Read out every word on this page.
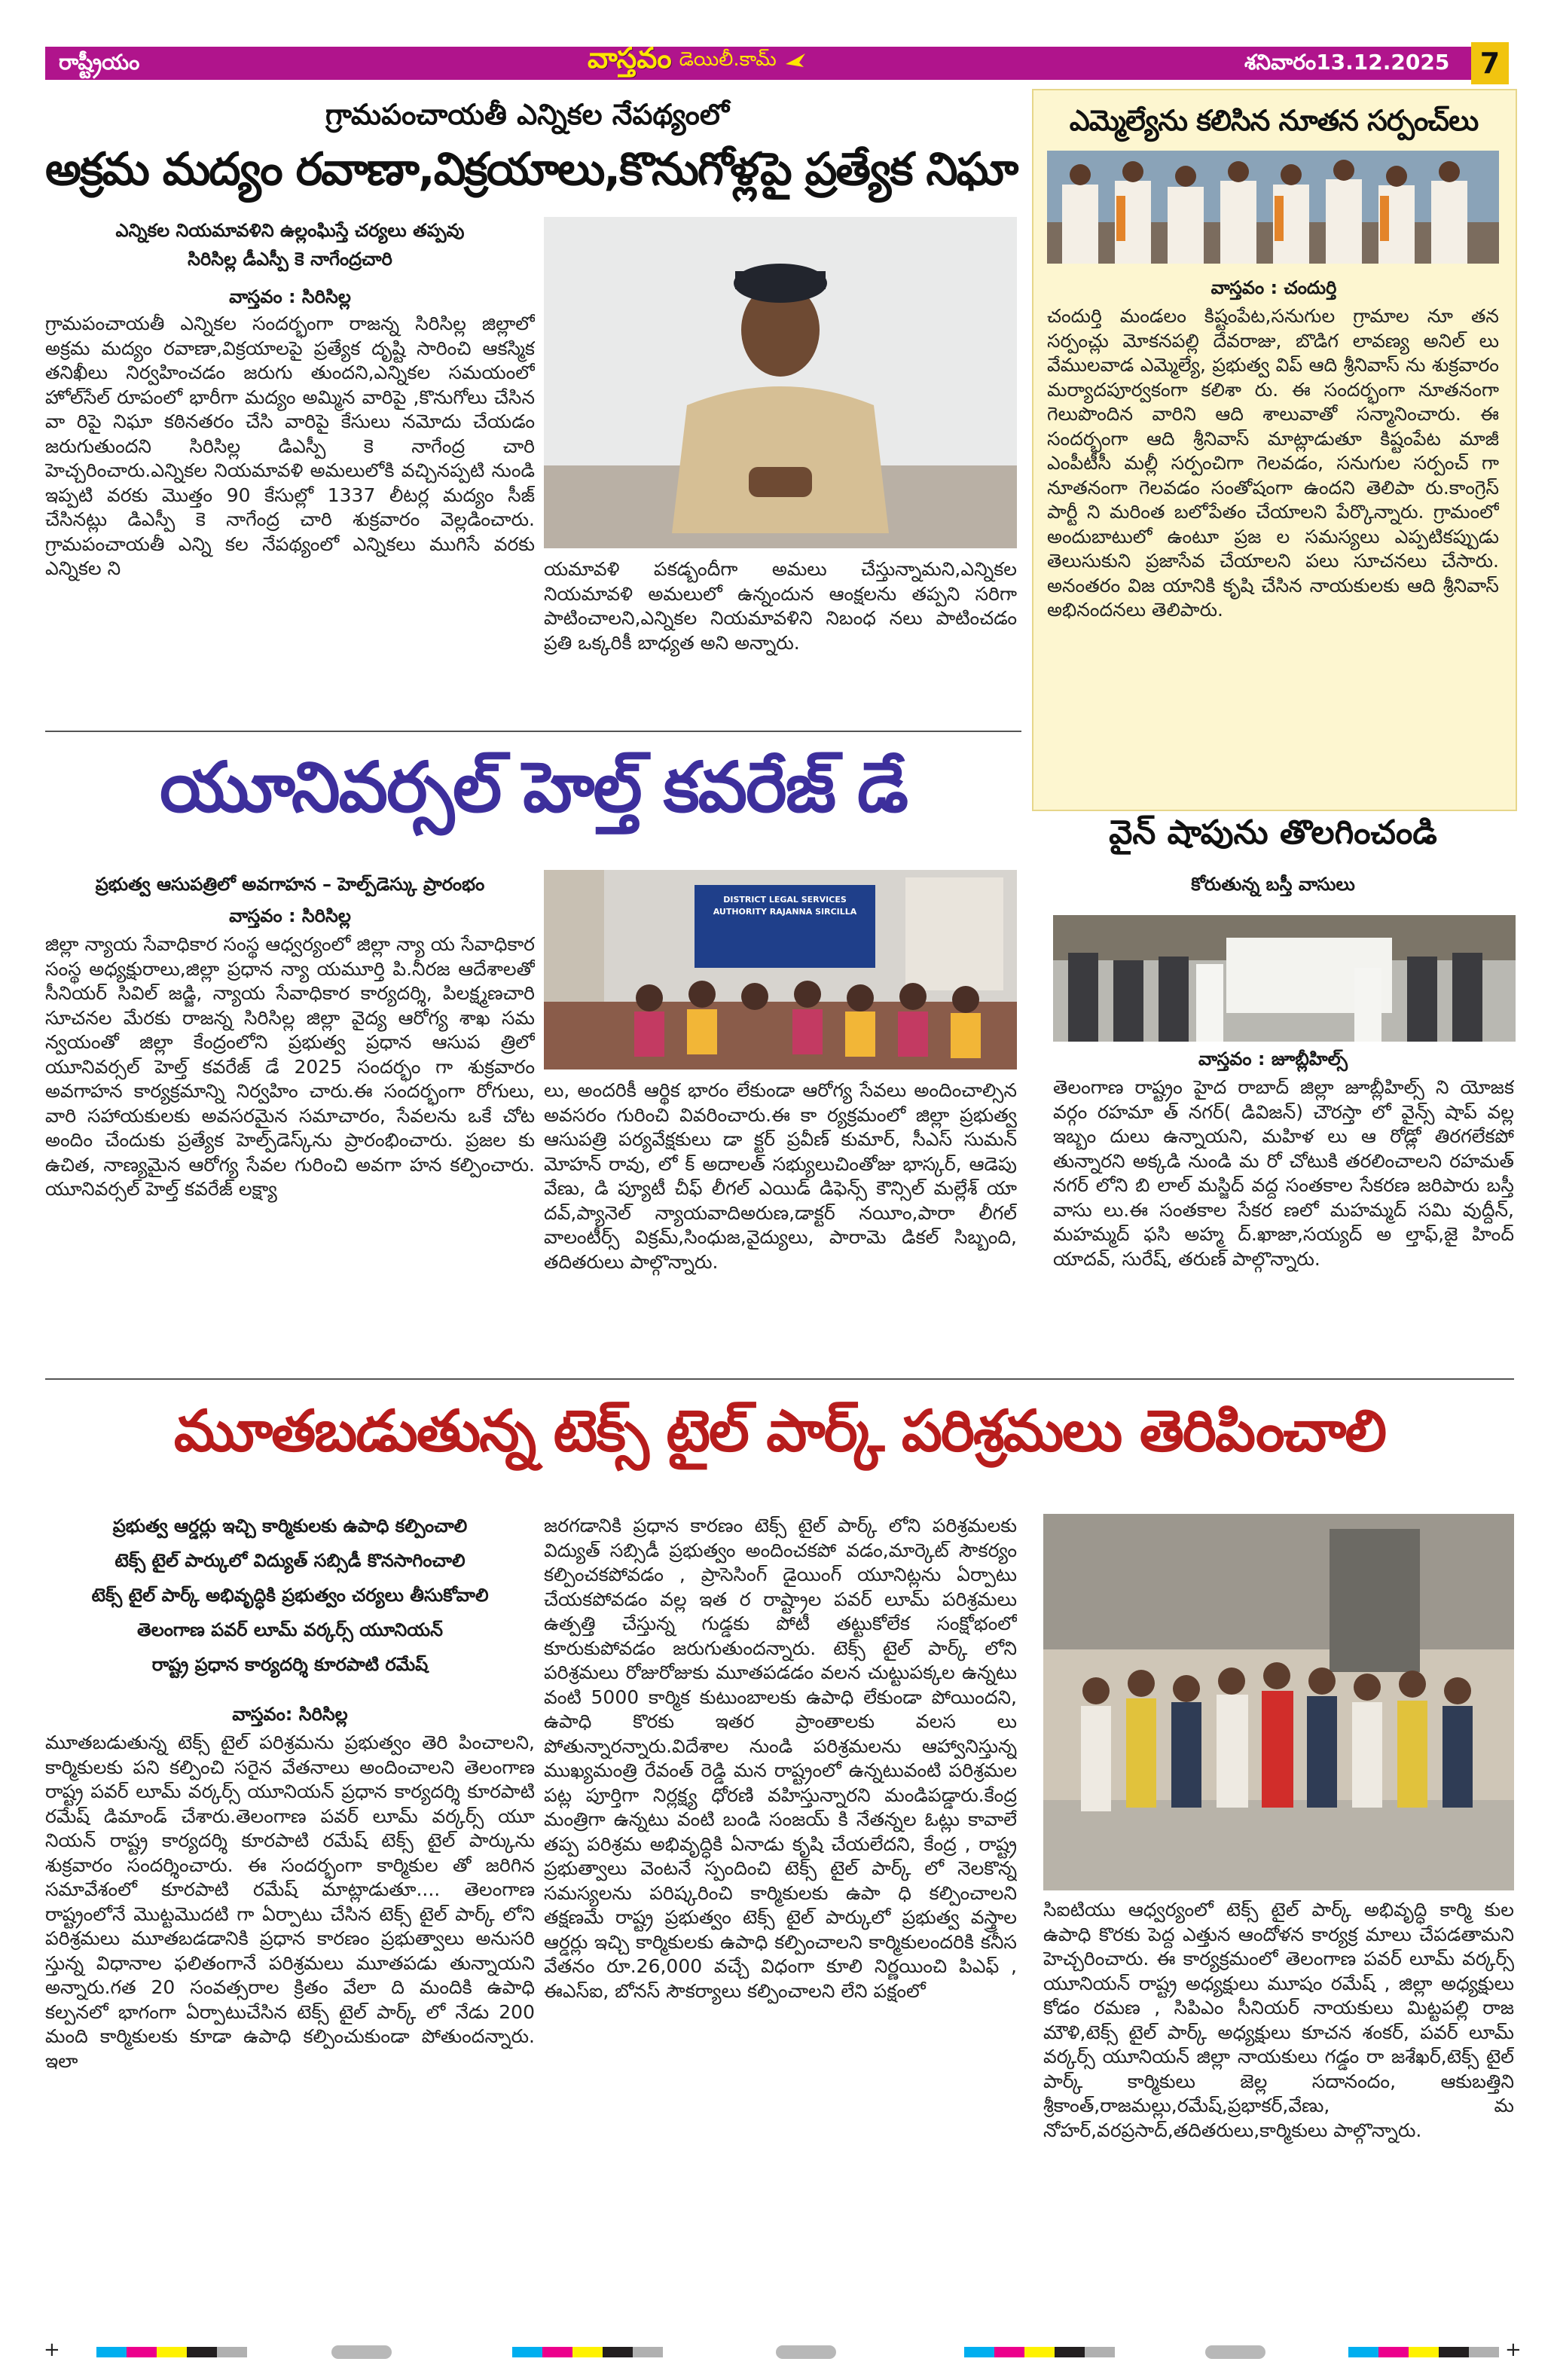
రాష్ట్రీయం	వాస్తవం డెయిలీ.కామ్	శనివారం13.12.2025 7
గ్రామపంచాయతీ ఎన్నికల నేపథ్యంలో
అక్రమ మద్యం రవాణా,విక్రయాలు,కొనుగోళ్లపై ప్రత్యేక నిఘా
ఎన్నికల నియమావళిని ఉల్లంఘిస్తే చర్యలు తప్పవు
సిరిసిల్ల డీఎస్పీ కె నాగేంద్రచారి
వాస్తవం : సిరిసిల్ల
గ్రామపంచాయతీ ఎన్నికల సందర్భంగా రాజన్న సిరిసిల్ల జిల్లాలో అక్రమ మద్యం రవాణా,విక్రయాలపై ప్రత్యేక దృష్టి సారించి ఆకస్మిక తనిఖీలు నిర్వహించడం జరుగు తుందని,ఎన్నికల సమయంలో హోల్‌సేల్ రూపంలో భారీగా మద్యం అమ్మిన వారిపై ,కొనుగోలు చేసిన వా రిపై నిఘా కఠినతరం చేసి వారిపై కేసులు నమోదు చేయడం జరుగుతుందని సిరిసిల్ల డిఎస్పీ కె నాగేంద్ర చారి హెచ్చరించారు.ఎన్నికల నియమావళి అమలులోకి వచ్చినప్పటి నుండి ఇప్పటి వరకు మొత్తం 90 కేసుల్లో 1337 లీటర్ల మద్యం సీజ్ చేసినట్లు డిఎస్పీ కె నాగేంద్ర చారి శుక్రవారం వెల్లడించారు. గ్రామపంచాయతీ ఎన్ని కల నేపథ్యంలో ఎన్నికలు ముగిసే వరకు ఎన్నికల ని	యమావళి పకడ్బందీగా అమలు చేస్తున్నామని,ఎన్నికల నియమావళి అమలులో ఉన్నందున ఆంక్షలను తప్పని సరిగా పాటించాలని,ఎన్నికల నియమావళిని నిబంధ నలు పాటించడం ప్రతి ఒక్కరికీ బాధ్యత అని అన్నారు.
ఎమ్మెల్యేను కలిసిన నూతన సర్పంచ్‌లు
వాస్తవం : చందుర్తి
చందుర్తి మండలం కిష్టంపేట,సనుగుల గ్రామాల నూ తన సర్పంచ్లు మోకనపల్లి దేవరాజు, బొడిగ లావణ్య అనిల్ లు వేములవాడ ఎమ్మెల్యే, ప్రభుత్వ విప్ ఆది శ్రీనివాస్ ను శుక్రవారం మర్యాదపూర్వకంగా కలిశా రు. ఈ సందర్భంగా నూతనంగా గెలుపొందిన వారిని ఆది శాలువాతో సన్మానించారు. ఈ సందర్భంగా ఆది శ్రీనివాస్ మాట్లాడుతూ కిష్టంపేట మాజీ ఎంపీటీసీ మల్లీ సర్పంచిగా గెలవడం, సనుగుల సర్పంచ్ గా నూతనంగా గెలవడం సంతోషంగా ఉందని తెలిపా రు.కాంగ్రెస్ పార్టీ ని మరింత బలోపేతం చేయాలని పేర్కొన్నారు. గ్రామంలో అందుబాటులో ఉంటూ ప్రజ ల సమస్యలు ఎప్పటికప్పుడు తెలుసుకుని ప్రజాసేవ చేయాలని పలు సూచనలు చేసారు. అనంతరం విజ యానికి కృషి చేసిన నాయకులకు ఆది శ్రీనివాస్ అభినందనలు తెలిపారు.
యూనివర్సల్ హెల్త్ కవరేజ్ డే
ప్రభుత్వ ఆసుపత్రిలో అవగాహన – హెల్ప్‌డెస్కు ప్రారంభం
వాస్తవం : సిరిసిల్ల
జిల్లా న్యాయ సేవాధికార సంస్థ ఆధ్వర్యంలో జిల్లా న్యా య సేవాధికార సంస్థ అధ్యక్షురాలు,జిల్లా ప్రధాన న్యా యమూర్తి పి.నీరజ ఆదేశాలతో సీనియర్ సివిల్ జడ్జి, న్యాయ సేవాధికార కార్యదర్శి, పిలక్ష్మణచారి సూచనల మేరకు రాజన్న సిరిసిల్ల జిల్లా వైద్య ఆరోగ్య శాఖ సమ న్వయంతో జిల్లా కేంద్రంలోని ప్రభుత్వ ప్రధాన ఆసుప త్రిలో యూనివర్సల్ హెల్త్ కవరేజ్ డే 2025 సందర్భం గా శుక్రవారం అవగాహన కార్యక్రమాన్ని నిర్వహిం చారు.ఈ సందర్భంగా రోగులు, వారి సహాయకులకు అవసరమైన సమాచారం, సేవలను ఒకే చోట అందిం చేందుకు ప్రత్యేక హెల్ప్‌డెస్క్‌ను ప్రారంభించారు. ప్రజల కు ఉచిత, నాణ్యమైన ఆరోగ్య సేవల గురించి అవగా హన కల్పించారు. యూనివర్సల్ హెల్త్ కవరేజ్ లక్ష్యా
DISTRICT LEGAL SERVICES AUTHORITY RAJANNA SIRCILLA
లు, అందరికీ ఆర్థిక భారం లేకుండా ఆరోగ్య సేవలు అందించాల్సిన అవసరం గురించి వివరించారు.ఈ కా ర్యక్రమంలో జిల్లా ప్రభుత్వ ఆసుపత్రి పర్యవేక్షకులు డా క్టర్ ప్రవీణ్ కుమార్, సీఎస్ సుమన్ మోహన్ రావు, లో క్ అదాలత్ సభ్యులుచింతోజు భాస్కర్, ఆడెపు వేణు, డి ప్యూటీ చీఫ్ లీగల్ ఎయిడ్ డిఫెన్స్ కౌన్సిల్ మల్లేశ్ యా దవ్,ప్యానెల్ న్యాయవాదిఅరుణ,డాక్టర్ నయీం,పారా లీగల్ వాలంటీర్స్ విక్రమ్,సింధుజ,వైద్యులు, పారామె డికల్ సిబ్బంది, తదితరులు పాల్గొన్నారు.
వైన్ షాపును తొలగించండి
కోరుతున్న బస్తీ వాసులు
వాస్తవం : జూబ్లీహిల్స్
తెలంగాణ రాష్ట్రం హైద రాబాద్ జిల్లా జూబ్లీహిల్స్ ని యోజక వర్గం రహమా త్ నగర్( డివిజన్) చౌరస్తా లో వైన్స్ షాప్ వల్ల ఇబ్బం దులు ఉన్నాయని, మహిళ లు ఆ రోడ్లో తిరగలేకపో తున్నారని అక్కడి నుండి మ రో చోటుకి తరలించాలని రహమత్ నగర్ లోని బి లాల్ మస్జిద్ వద్ద సంతకాల సేకరణ జరిపారు బస్తీ వాసు లు.ఈ సంతకాల సేకర ణలో మహమ్మద్ సమి వుద్దీన్, మహమ్మద్ ఫసి అహ్మ ద్.ఖాజా,సయ్యద్ అ ల్తాఫ్,జై హింద్ యాదవ్, సురేష్, తరుణ్ పాల్గొన్నారు.
మూతబడుతున్న టెక్స్ టైల్ పార్క్ పరిశ్రమలు తెరిపించాలి
ప్రభుత్వ ఆర్డర్లు ఇచ్చి కార్మికులకు ఉపాధి కల్పించాలి
టెక్స్ టైల్ పార్కులో విద్యుత్ సబ్సిడీ కొనసాగించాలి
టెక్స్ టైల్ పార్క్ అభివృద్ధికి ప్రభుత్వం చర్యలు తీసుకోవాలి
తెలంగాణ పవర్ లూమ్ వర్కర్స్ యూనియన్
రాష్ట్ర ప్రధాన కార్యదర్శి కూరపాటి రమేష్
వాస్తవం: సిరిసిల్ల
మూతబడుతున్న టెక్స్ టైల్ పరిశ్రమను ప్రభుత్వం తెరి పించాలని, కార్మికులకు పని కల్పించి సరైన వేతనాలు అందించాలని తెలంగాణ రాష్ట్ర పవర్ లూమ్ వర్కర్స్ యూనియన్ ప్రధాన కార్యదర్శి కూరపాటి రమేష్ డిమాండ్ చేశారు.తెలంగాణ పవర్ లూమ్ వర్కర్స్ యూ నియన్ రాష్ట్ర కార్యదర్శి కూరపాటి రమేష్ టెక్స్ టైల్ పార్కును శుక్రవారం సందర్శించారు. ఈ సందర్భంగా కార్మికుల తో జరిగిన సమావేశంలో కూరపాటి రమేష్ మాట్లాడుతూ.... తెలంగాణ రాష్ట్రంలోనే మొట్టమొదటి గా ఏర్పాటు చేసిన టెక్స్ టైల్ పార్క్ లోని పరిశ్రమలు మూతబడడానికి ప్రధాన కారణం ప్రభుత్వాలు అనుసరి స్తున్న విధానాల ఫలితంగానే పరిశ్రమలు మూతపడు తున్నాయని అన్నారు.గత 20 సంవత్సరాల క్రితం వేలా ది మందికి ఉపాధి కల్పనలో భాగంగా ఏర్పాటుచేసిన టెక్స్ టైల్ పార్క్ లో నేడు 200 మంది కార్మికులకు కూడా ఉపాధి కల్పించుకుండా పోతుందన్నారు. ఇలా
జరగడానికి ప్రధాన కారణం టెక్స్ టైల్ పార్క్ లోని పరిశ్రమలకు విద్యుత్ సబ్సిడీ ప్రభుత్వం అందించకపో వడం,మార్కెట్ సౌకర్యం కల్పించకపోవడం , ప్రాసెసింగ్ డైయింగ్ యూనిట్లను ఏర్పాటు చేయకపోవడం వల్ల ఇత ర రాష్ట్రాల పవర్ లూమ్ పరిశ్రమలు ఉత్పత్తి చేస్తున్న గుడ్డకు పోటీ తట్టుకోలేక సంక్షోభంలో కూరుకుపోవడం జరుగుతుందన్నారు. టెక్స్ టైల్ పార్క్ లోని పరిశ్రమలు రోజురోజుకు మూతపడడం వలన చుట్టుపక్కల ఉన్నటు వంటి 5000 కార్మిక కుటుంబాలకు ఉపాధి లేకుండా పోయిందని, ఉపాధి కొరకు ఇతర ప్రాంతాలకు వలస లు పోతున్నారన్నారు.విదేశాల నుండి పరిశ్రమలను ఆహ్వానిస్తున్న ముఖ్యమంత్రి రేవంత్ రెడ్డి మన రాష్ట్రంలో ఉన్నటువంటి పరిశ్రమల పట్ల పూర్తిగా నిర్లక్ష్య ధోరణి వహిస్తున్నారని మండిపడ్డారు.కేంద్ర మంత్రిగా ఉన్నటు వంటి బండి సంజయ్ కి నేతన్నల ఓట్లు కావాలే తప్ప పరిశ్రమ అభివృద్ధికి ఏనాడు కృషి చేయలేదని, కేంద్ర , రాష్ట్ర ప్రభుత్వాలు వెంటనే స్పందించి టెక్స్ టైల్ పార్క్ లో నెలకొన్న సమస్యలను పరిష్కరించి కార్మికులకు ఉపా ధి కల్పించాలని తక్షణమే రాష్ట్ర ప్రభుత్వం టెక్స్ టైల్ పార్కులో ప్రభుత్వ వస్త్రాల ఆర్డర్లు ఇచ్చి కార్మికులకు ఉపాధి కల్పించాలని కార్మికులందరికి కనీస వేతనం రూ.26,000 వచ్చే విధంగా కూలి నిర్ణయించి పిఎఫ్ , ఈఎస్ఐ, బోనస్ సౌకర్యాలు కల్పించాలని లేని పక్షంలో
సిఐటియు ఆధ్వర్యంలో టెక్స్ టైల్ పార్క్ అభివృద్ధి కార్మి కుల ఉపాధి కొరకు పెద్ద ఎత్తున ఆందోళన కార్యక్ర మాలు చేపడతామని హెచ్చరించారు. ఈ కార్యక్రమంలో తెలంగాణ పవర్ లూమ్ వర్కర్స్ యూనియన్ రాష్ట్ర అధ్యక్షులు మూషం రమేష్ , జిల్లా అధ్యక్షులు కోడం రమణ , సిపిఎం సీనియర్ నాయకులు మిట్టపల్లి రాజ మౌళి,టెక్స్ టైల్ పార్క్ అధ్యక్షులు కూచన శంకర్, పవర్ లూమ్ వర్కర్స్ యూనియన్ జిల్లా నాయకులు గడ్డం రా జశేఖర్,టెక్స్ టైల్ పార్క్ కార్మికులు జెల్ల సదానందం, ఆకుబత్తిని శ్రీకాంత్,రాజమల్లు,రమేష్,ప్రభాకర్,వేణు, మ నోహర్,వరప్రసాద్,తదితరులు,కార్మికులు పాల్గొన్నారు.
+	+
